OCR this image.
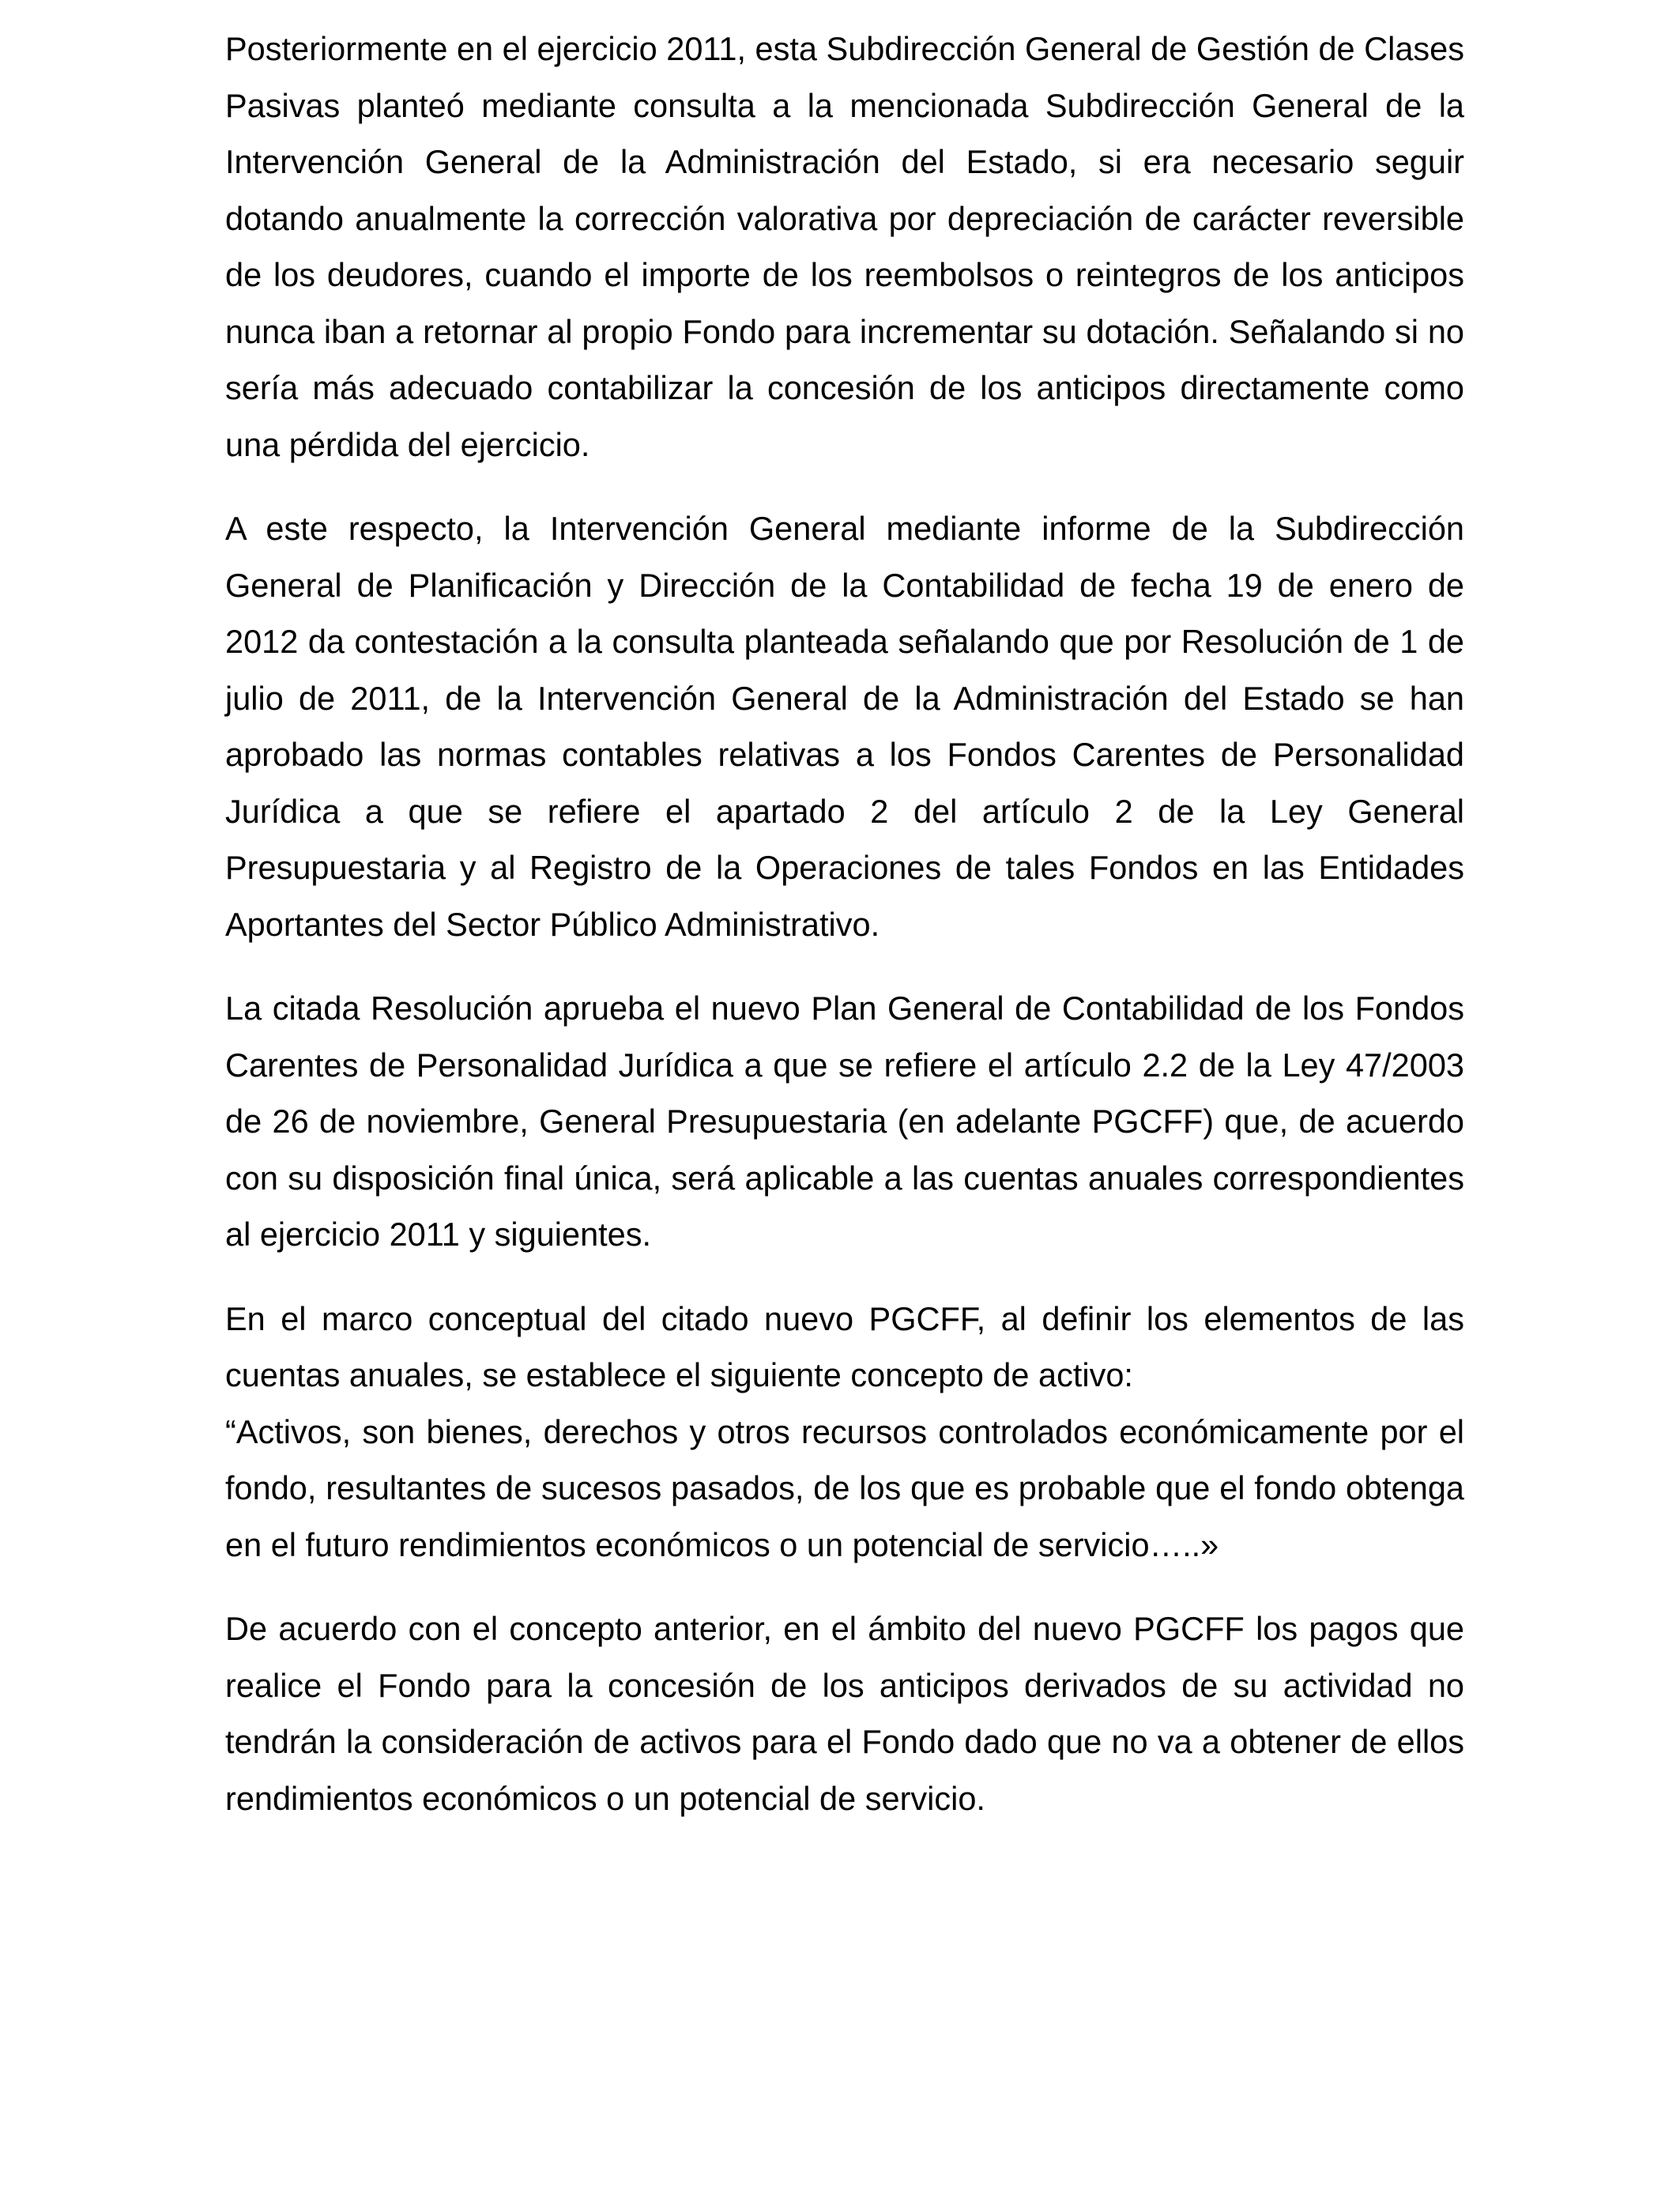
Posteriormente en el ejercicio 2011, esta Subdirección General de Gestión de Clases Pasivas planteó mediante consulta a la mencionada Subdirección General de la Intervención General de la Administración del Estado, si era necesario seguir dotando anualmente la corrección valorativa por depreciación de carácter reversible de los deudores, cuando el importe de los reembolsos o reintegros de los anticipos nunca iban a retornar al propio Fondo para incrementar su dotación. Señalando si no sería más adecuado contabilizar la concesión de los anticipos directamente como una pérdida del ejercicio.

A este respecto, la Intervención General mediante informe de la Subdirección General de Planificación y Dirección de la Contabilidad de fecha 19 de enero de 2012 da contestación a la consulta planteada señalando que por Resolución de 1 de julio de 2011, de la Intervención General de la Administración del Estado se han aprobado las normas contables relativas a los Fondos Carentes de Personalidad Jurídica a que se refiere el apartado 2 del artículo 2 de la Ley General Presupuestaria y al Registro de la Operaciones de tales Fondos en las Entidades Aportantes del Sector Público Administrativo.

La citada Resolución aprueba el nuevo Plan General de Contabilidad de los Fondos Carentes de Personalidad Jurídica a que se refiere el artículo 2.2 de la Ley 47/2003 de 26 de noviembre, General Presupuestaria (en adelante PGCFF) que, de acuerdo con su disposición final única, será aplicable a las cuentas anuales correspondientes al ejercicio 2011 y siguientes.

En el marco conceptual del citado nuevo PGCFF, al definir los elementos de las cuentas anuales, se establece el siguiente concepto de activo:

“Activos, son bienes, derechos y otros recursos controlados económicamente por el fondo, resultantes de sucesos pasados, de los que es probable que el fondo obtenga en el futuro rendimientos económicos o un potencial de servicio…..»

De acuerdo con el concepto anterior, en el ámbito del nuevo PGCFF los pagos que realice el Fondo para la concesión de los anticipos derivados de su actividad no tendrán la consideración de activos para el Fondo dado que no va a obtener de ellos rendimientos económicos o un potencial de servicio.
